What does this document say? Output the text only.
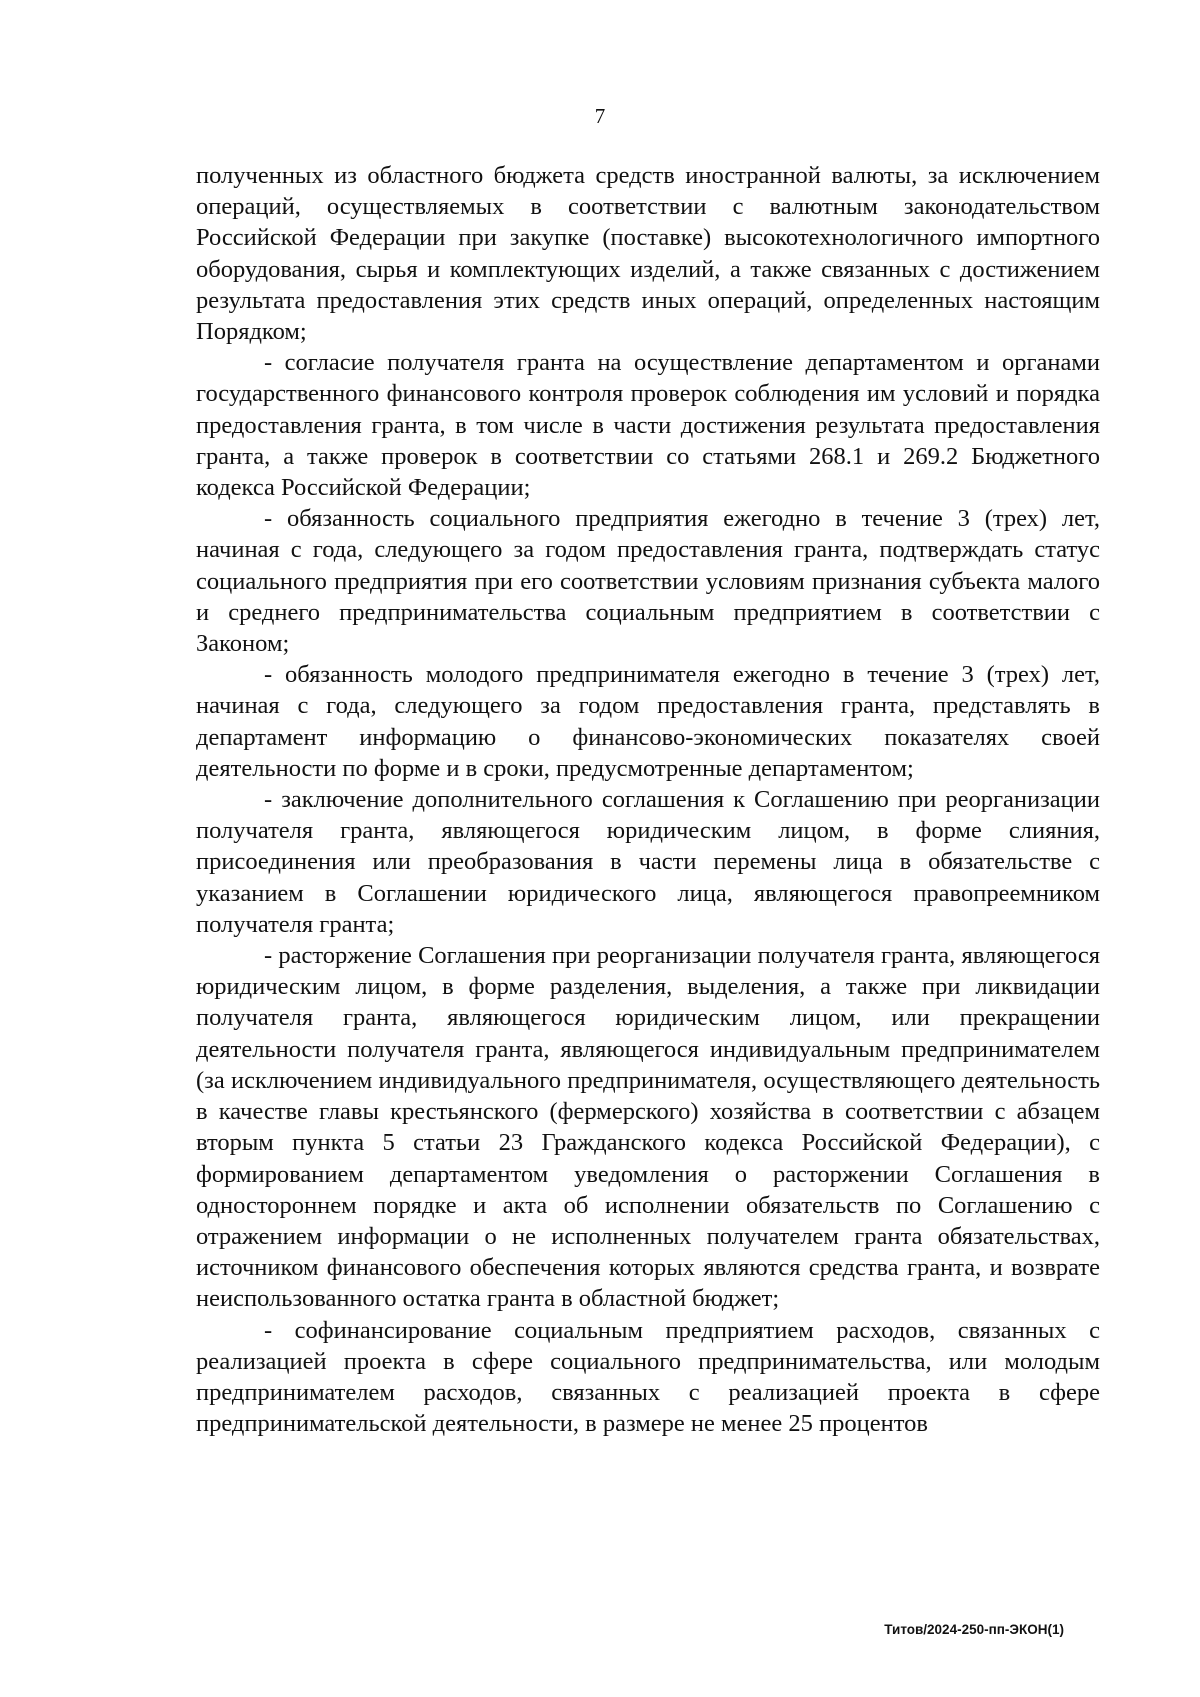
7

полученных из областного бюджета средств иностранной валюты, за исключением операций, осуществляемых в соответствии с валютным законодательством Российской Федерации при закупке (поставке) высокотехнологичного импортного оборудования, сырья и комплектующих изделий, а также связанных с достижением результата предоставления этих средств иных операций, определенных настоящим Порядком;

- согласие получателя гранта на осуществление департаментом и органами государственного финансового контроля проверок соблюдения им условий и порядка предоставления гранта, в том числе в части достижения результата предоставления гранта, а также проверок в соответствии со статьями 268.1 и 269.2 Бюджетного кодекса Российской Федерации;

- обязанность социального предприятия ежегодно в течение 3 (трех) лет, начиная с года, следующего за годом предоставления гранта, подтверждать статус социального предприятия при его соответствии условиям признания субъекта малого и среднего предпринимательства социальным предприятием в соответствии с Законом;

- обязанность молодого предпринимателя ежегодно в течение 3 (трех) лет, начиная с года, следующего за годом предоставления гранта, представлять в департамент информацию о финансово-экономических показателях своей деятельности по форме и в сроки, предусмотренные департаментом;

- заключение дополнительного соглашения к Соглашению при реорганизации получателя гранта, являющегося юридическим лицом, в форме слияния, присоединения или преобразования в части перемены лица в обязательстве с указанием в Соглашении юридического лица, являющегося правопреемником получателя гранта;

- расторжение Соглашения при реорганизации получателя гранта, являющегося юридическим лицом, в форме разделения, выделения, а также при ликвидации получателя гранта, являющегося юридическим лицом, или прекращении деятельности получателя гранта, являющегося индивидуальным предпринимателем (за исключением индивидуального предпринимателя, осуществляющего деятельность в качестве главы крестьянского (фермерского) хозяйства в соответствии с абзацем вторым пункта 5 статьи 23 Гражданского кодекса Российской Федерации), с формированием департаментом уведомления о расторжении Соглашения в одностороннем порядке и акта об исполнении обязательств по Соглашению с отражением информации о не исполненных получателем гранта обязательствах, источником финансового обеспечения которых являются средства гранта, и возврате неиспользованного остатка гранта в областной бюджет;

- софинансирование социальным предприятием расходов, связанных с реализацией проекта в сфере социального предпринимательства, или молодым предпринимателем расходов, связанных с реализацией проекта в сфере предпринимательской деятельности, в размере не менее 25 процентов

Титов/2024-250-пп-ЭКОН(1)
